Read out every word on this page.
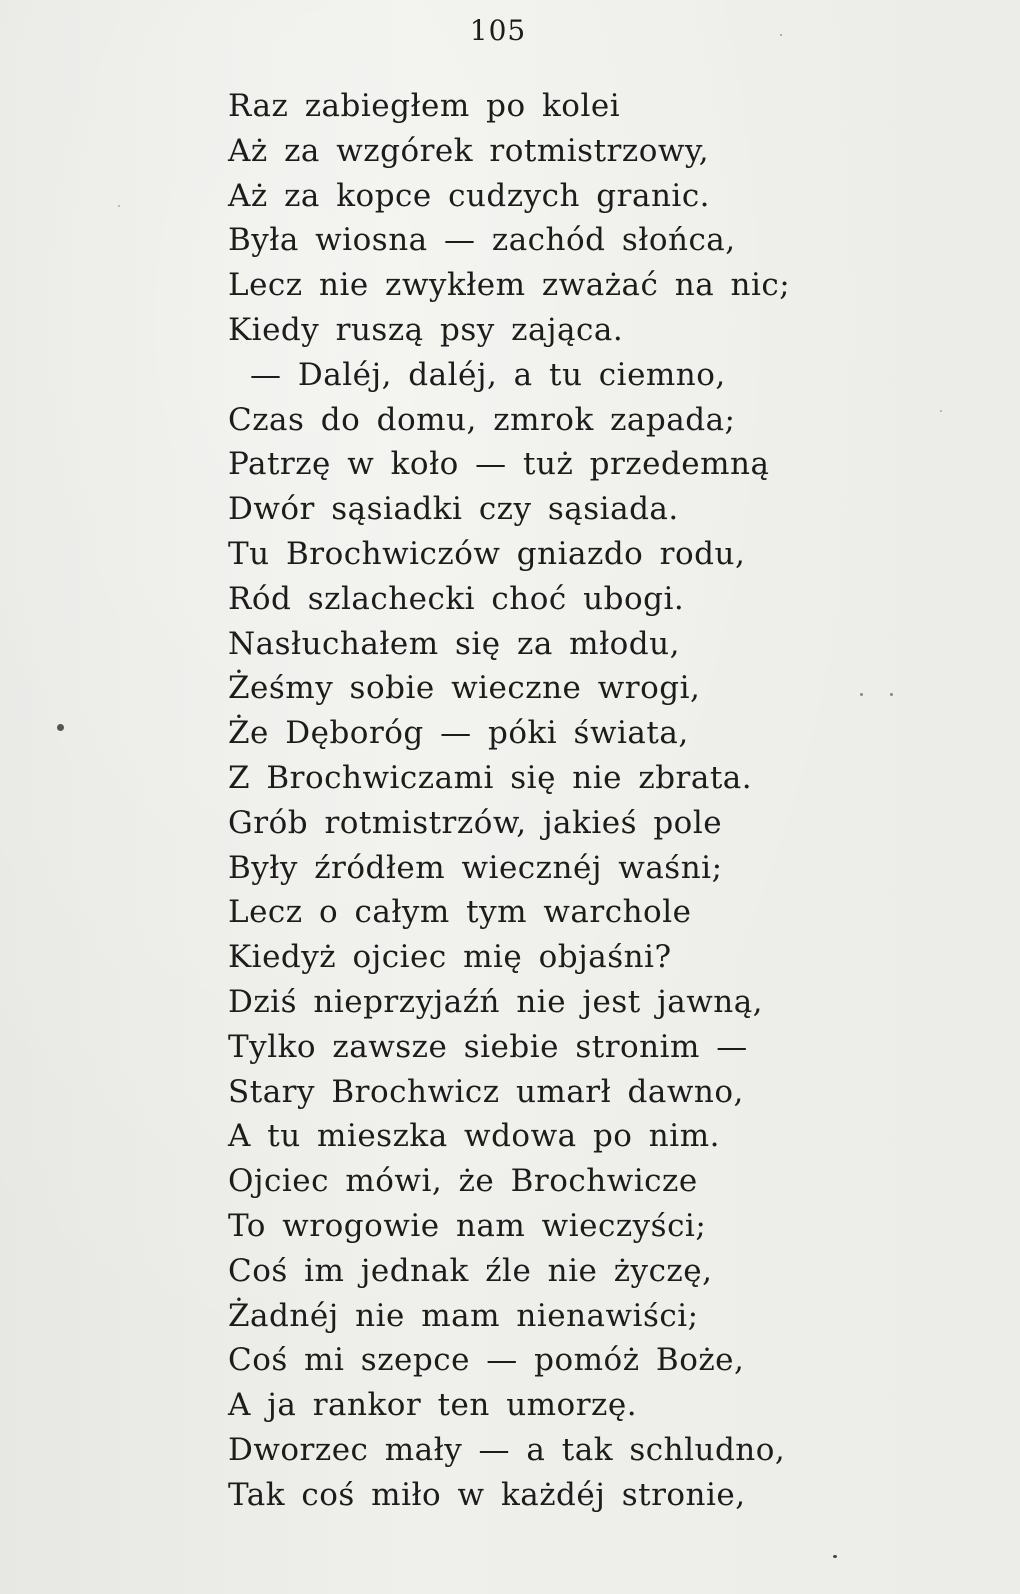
105
Raz zabiegłem po kolei
Aż za wzgórek rotmistrzowy,
Aż za kopce cudzych granic.
Była wiosna — zachód słońca,
Lecz nie zwykłem zważać na nic;
Kiedy ruszą psy zająca.
— Daléj, daléj, a tu ciemno,
Czas do domu, zmrok zapada;
Patrzę w koło — tuż przedemną
Dwór sąsiadki czy sąsiada.
Tu Brochwiczów gniazdo rodu,
Ród szlachecki choć ubogi.
Nasłuchałem się za młodu,
Żeśmy sobie wieczne wrogi,
Że Dęboróg — póki świata,
Z Brochwiczami się nie zbrata.
Grób rotmistrzów, jakieś pole
Były źródłem wiecznéj waśni;
Lecz o całym tym warchole
Kiedyż ojciec mię objaśni?
Dziś nieprzyjaźń nie jest jawną,
Tylko zawsze siebie stronim —
Stary Brochwicz umarł dawno,
A tu mieszka wdowa po nim.
Ojciec mówi, że Brochwicze
To wrogowie nam wieczyści;
Coś im jednak źle nie życzę,
Żadnéj nie mam nienawiści;
Coś mi szepce — pomóż Boże,
A ja rankor ten umorzę.
Dworzec mały — a tak schludno,
Tak coś miło w każdéj stronie,
